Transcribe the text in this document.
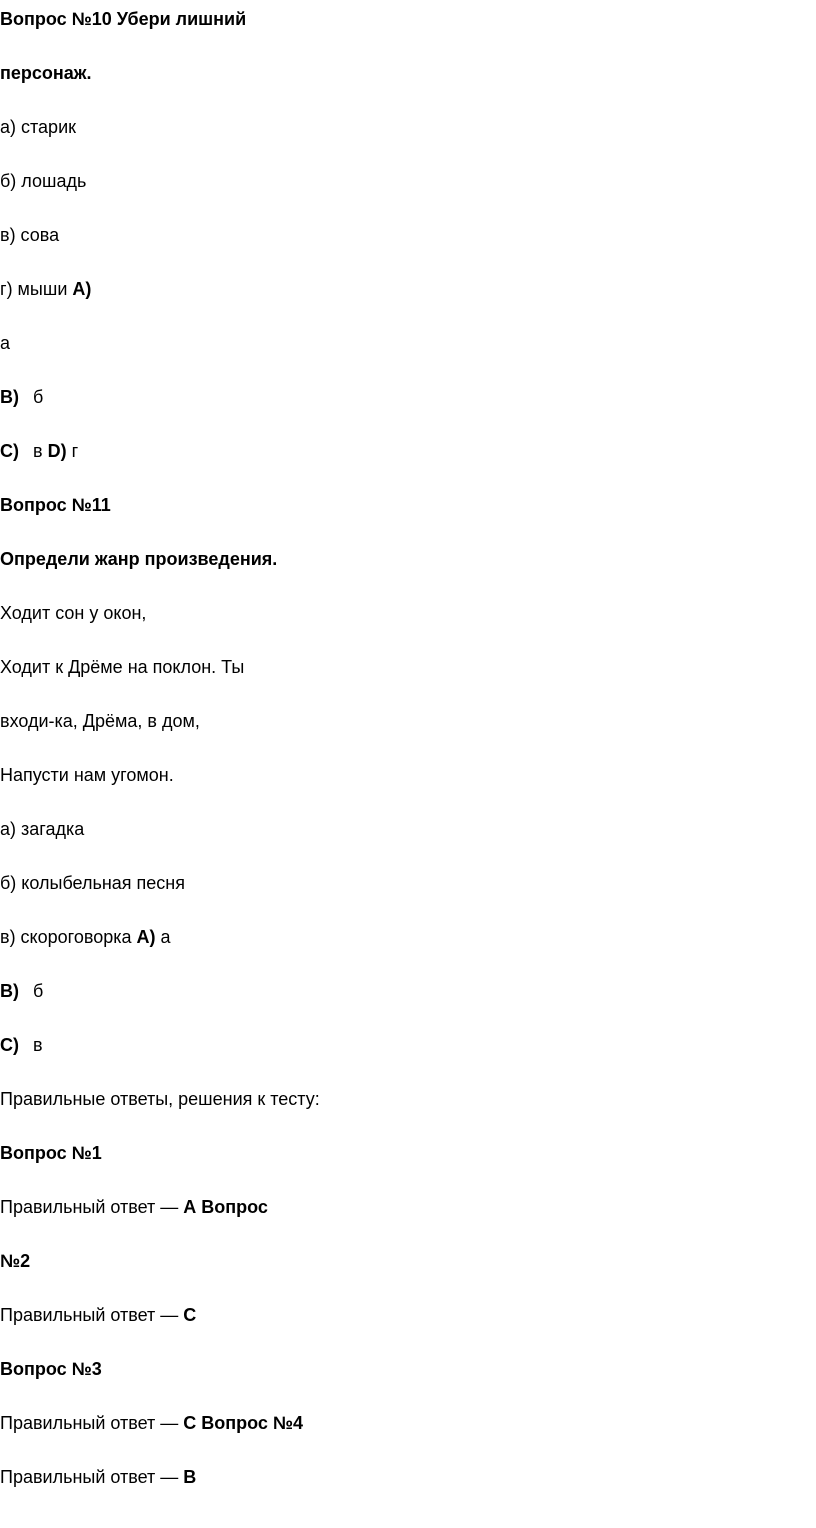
Вопрос №10 Убери лишний
персонаж.
а) старик
б) лошадь
в) сова
г) мыши A)
а
B) б
C) в D) г
Вопрос №11
Определи жанр произведения.
Ходит сон у окон,
Ходит к Дрёме на поклон. Ты
входи-ка, Дрёма, в дом,
Напусти нам угомон.
а) загадка
б) колыбельная песня
в) скороговорка A) а
B) б
C) в
Правильные ответы, решения к тесту:
Вопрос №1
Правильный ответ — A Вопрос
№2
Правильный ответ — C
Вопрос №3
Правильный ответ — C Вопрос №4
Правильный ответ — B
